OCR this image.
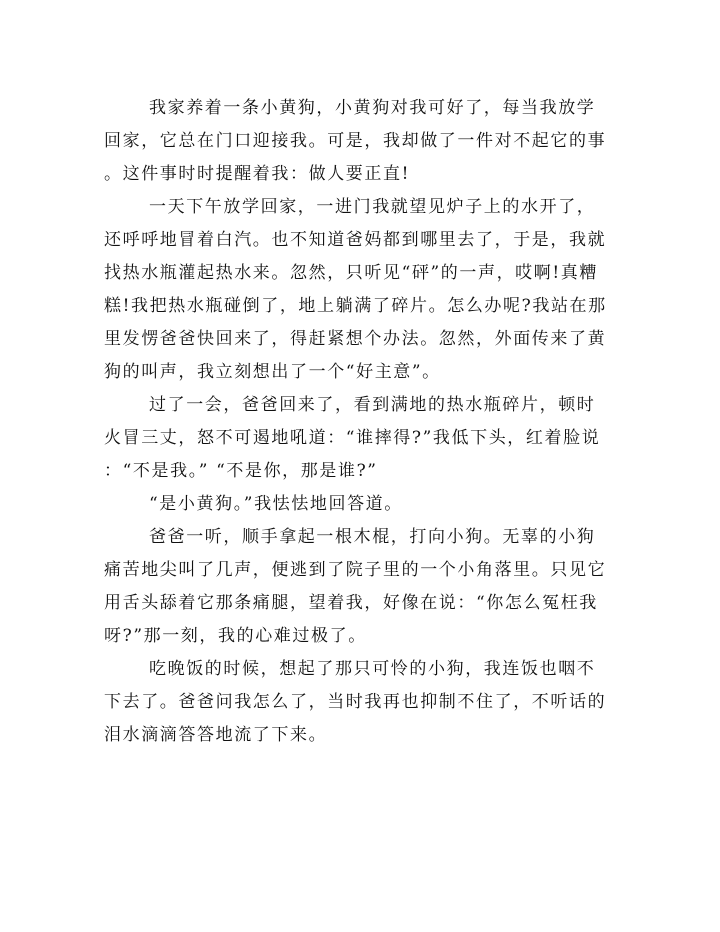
我家养着一条小黄狗，小黄狗对我可好了，每当我放学
回家，它总在门口迎接我。可是，我却做了一件对不起它的事
。这件事时时提醒着我：做人要正直!
一天下午放学回家，一进门我就望见炉子上的水开了，
还呼呼地冒着白汽。也不知道爸妈都到哪里去了，于是，我就
找热水瓶灌起热水来。忽然，只听见“砰”的一声，哎啊!真糟
糕!我把热水瓶碰倒了，地上躺满了碎片。怎么办呢?我站在那
里发愣爸爸快回来了，得赶紧想个办法。忽然，外面传来了黄
狗的叫声，我立刻想出了一个“好主意”。
过了一会，爸爸回来了，看到满地的热水瓶碎片，顿时
火冒三丈，怒不可遏地吼道：“谁摔得?”我低下头，红着脸说
：“不是我。” “不是你，那是谁?”
“是小黄狗。”我怯怯地回答道。
爸爸一听，顺手拿起一根木棍，打向小狗。无辜的小狗
痛苦地尖叫了几声，便逃到了院子里的一个小角落里。只见它
用舌头舔着它那条痛腿，望着我，好像在说：“你怎么冤枉我
呀?”那一刻，我的心难过极了。
吃晚饭的时候，想起了那只可怜的小狗，我连饭也咽不
下去了。爸爸问我怎么了，当时我再也抑制不住了，不听话的
泪水滴滴答答地流了下来。
